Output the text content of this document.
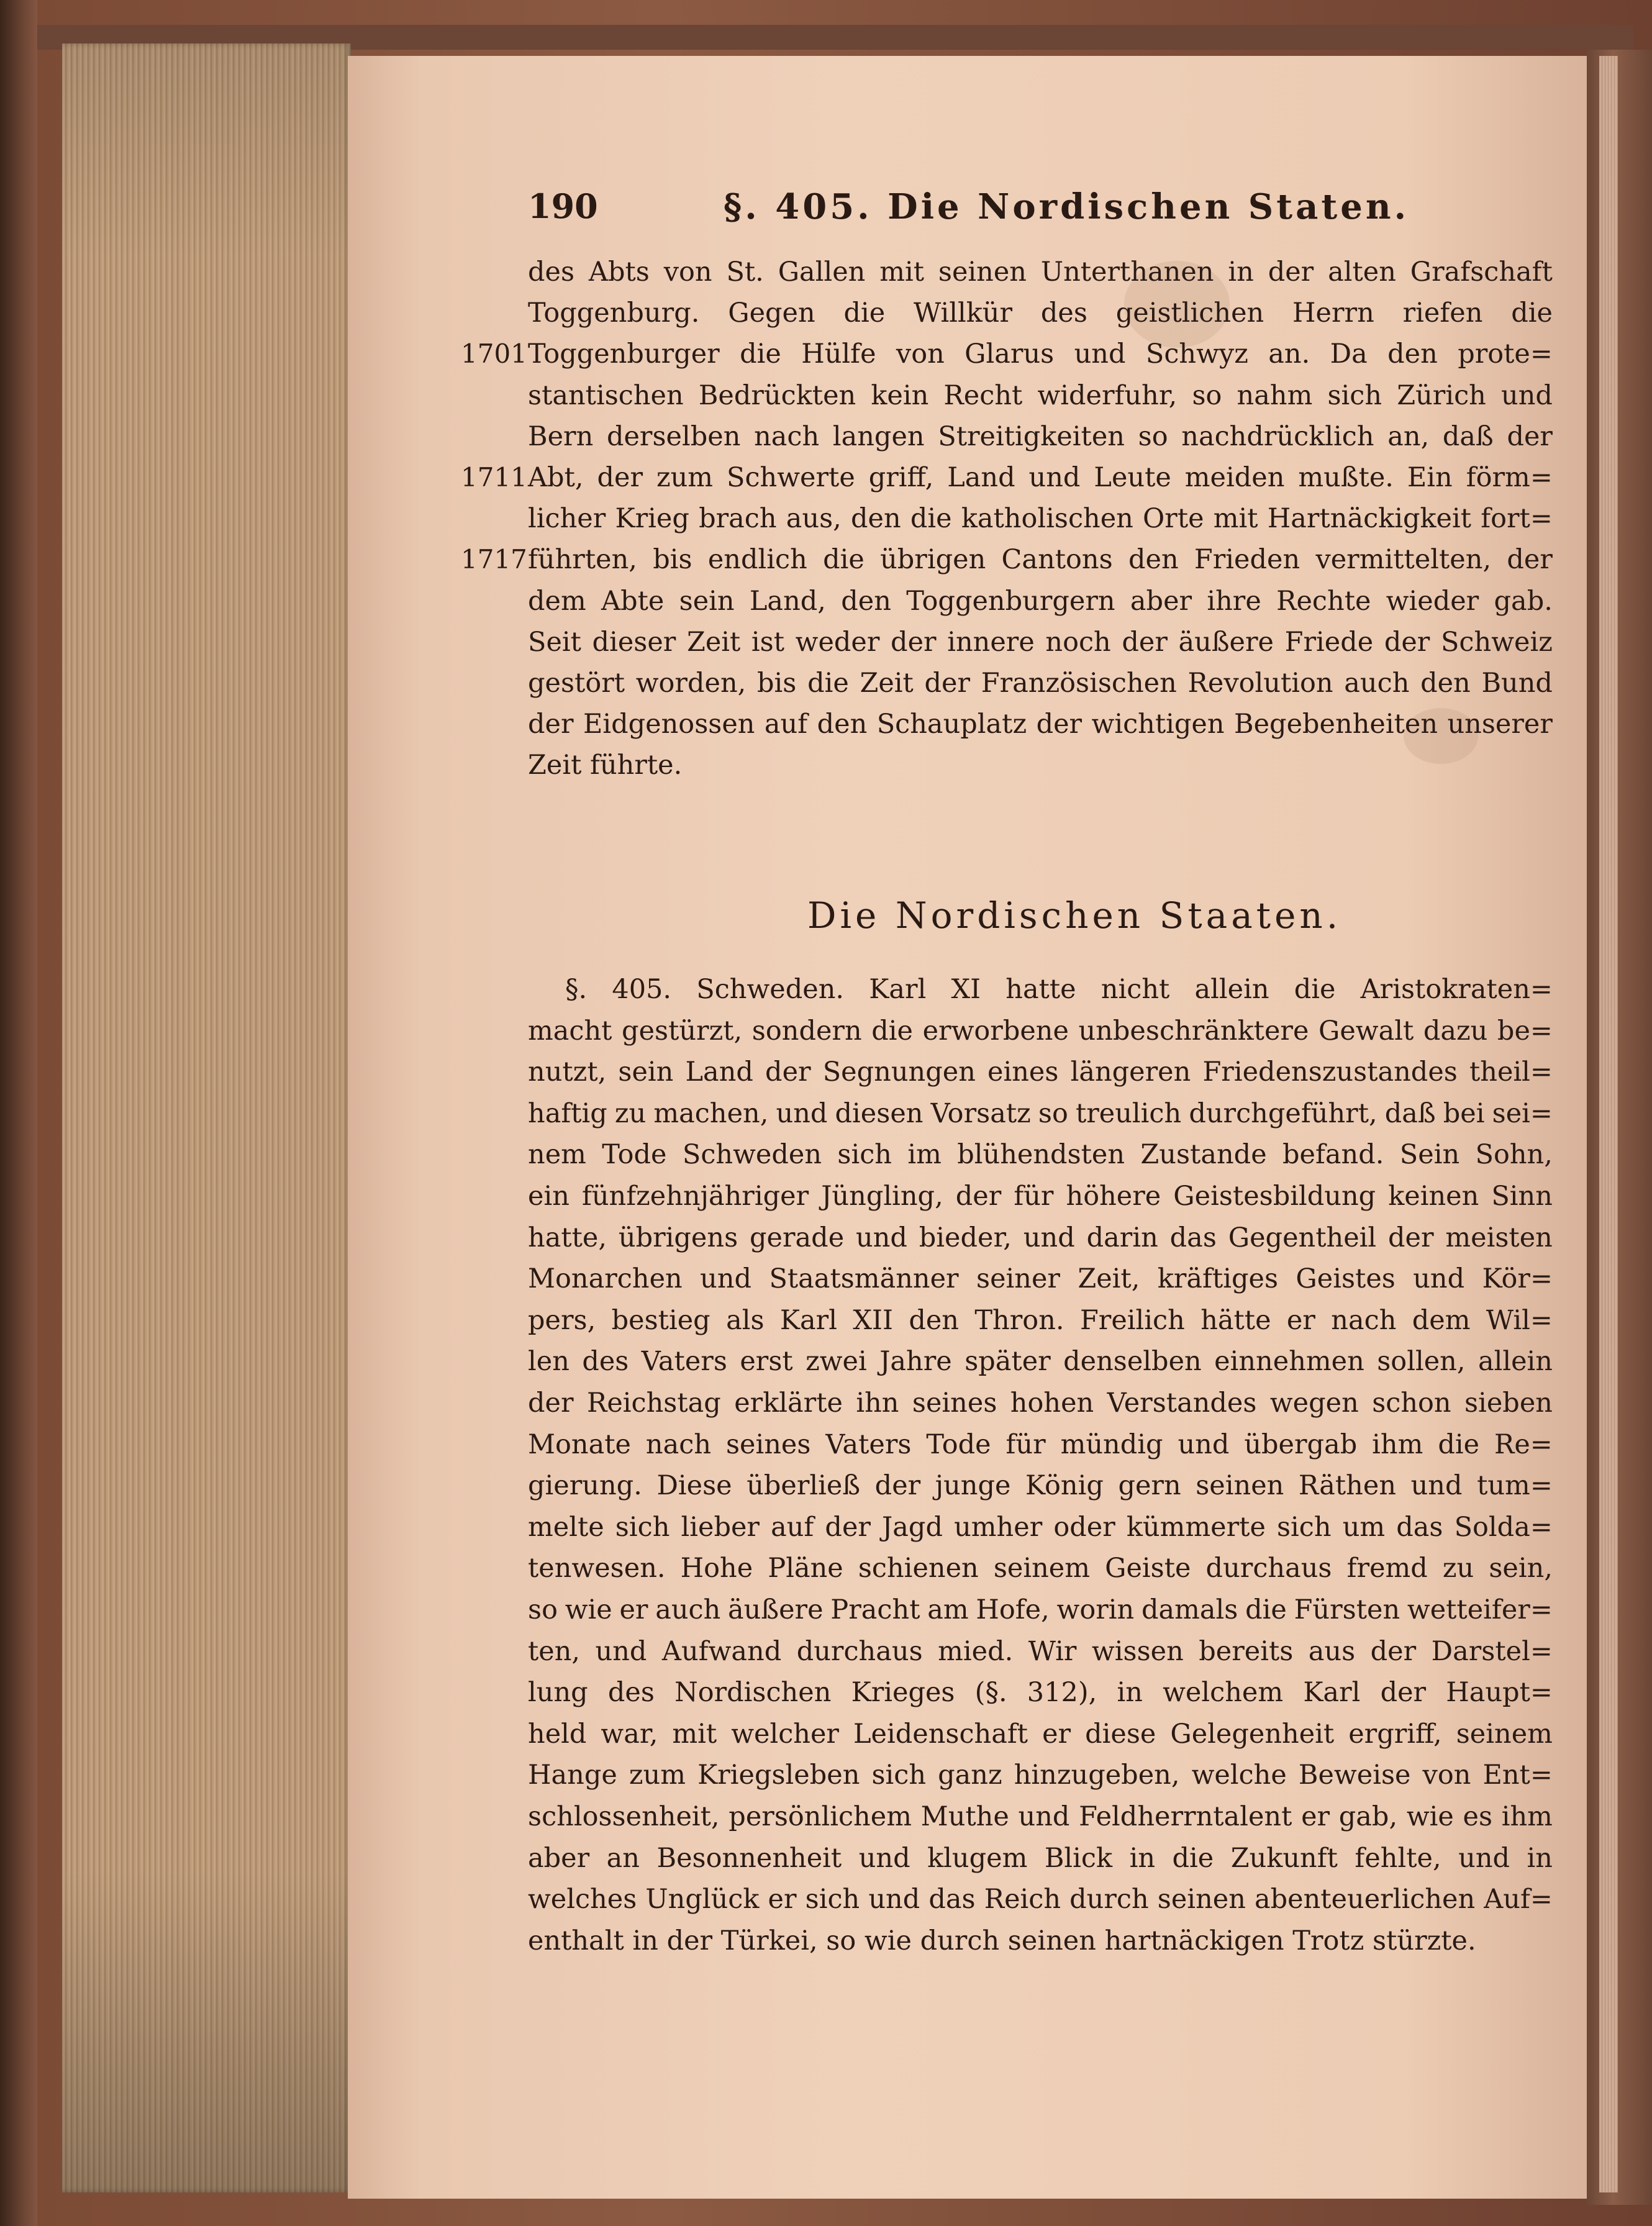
190	§. 405. Die Nordischen Staten.
des Abts von St. Gallen mit seinen Unterthanen in der alten Grafschaft
Toggenburg. Gegen die Willkür des geistlichen Herrn riefen die
Toggenburger die Hülfe von Glarus und Schwyz an. Da den prote=
stantischen Bedrückten kein Recht widerfuhr, so nahm sich Zürich und
Bern derselben nach langen Streitigkeiten so nachdrücklich an, daß der
Abt, der zum Schwerte griff, Land und Leute meiden mußte. Ein förm=
licher Krieg brach aus, den die katholischen Orte mit Hartnäckigkeit fort=
führten, bis endlich die übrigen Cantons den Frieden vermittelten, der
dem Abte sein Land, den Toggenburgern aber ihre Rechte wieder gab.
Seit dieser Zeit ist weder der innere noch der äußere Friede der Schweiz
gestört worden, bis die Zeit der Französischen Revolution auch den Bund
der Eidgenossen auf den Schauplatz der wichtigen Begebenheiten unserer
Zeit führte.
1701
1711
1717
Die Nordischen Staaten.
§. 405. Schweden. Karl XI hatte nicht allein die Aristokraten=
macht gestürzt, sondern die erworbene unbeschränktere Gewalt dazu be=
nutzt, sein Land der Segnungen eines längeren Friedenszustandes theil=
haftig zu machen, und diesen Vorsatz so treulich durchgeführt, daß bei sei=
nem Tode Schweden sich im blühendsten Zustande befand. Sein Sohn,
ein fünfzehnjähriger Jüngling, der für höhere Geistesbildung keinen Sinn
hatte, übrigens gerade und bieder, und darin das Gegentheil der meisten
Monarchen und Staatsmänner seiner Zeit, kräftiges Geistes und Kör=
pers, bestieg als Karl XII den Thron. Freilich hätte er nach dem Wil=
len des Vaters erst zwei Jahre später denselben einnehmen sollen, allein
der Reichstag erklärte ihn seines hohen Verstandes wegen schon sieben
Monate nach seines Vaters Tode für mündig und übergab ihm die Re=
gierung. Diese überließ der junge König gern seinen Räthen und tum=
melte sich lieber auf der Jagd umher oder kümmerte sich um das Solda=
tenwesen. Hohe Pläne schienen seinem Geiste durchaus fremd zu sein,
so wie er auch äußere Pracht am Hofe, worin damals die Fürsten wetteifer=
ten, und Aufwand durchaus mied. Wir wissen bereits aus der Darstel=
lung des Nordischen Krieges (§. 312), in welchem Karl der Haupt=
held war, mit welcher Leidenschaft er diese Gelegenheit ergriff, seinem
Hange zum Kriegsleben sich ganz hinzugeben, welche Beweise von Ent=
schlossenheit, persönlichem Muthe und Feldherrntalent er gab, wie es ihm
aber an Besonnenheit und klugem Blick in die Zukunft fehlte, und in
welches Unglück er sich und das Reich durch seinen abenteuerlichen Auf=
enthalt in der Türkei, so wie durch seinen hartnäckigen Trotz stürzte.
